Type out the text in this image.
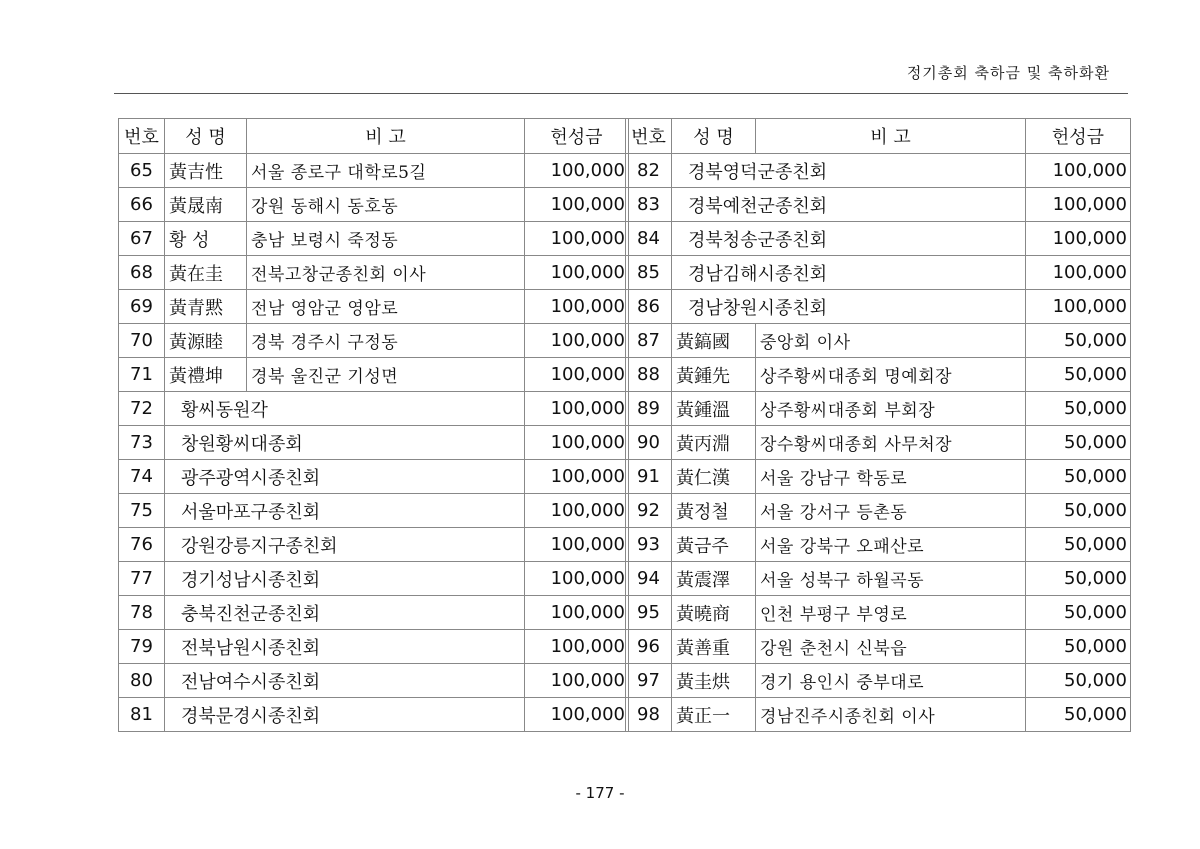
정기총회 축하금 및 축하화환
번호	성 명	비 고	헌성금
65	黃吉性	서울 종로구 대학로5길	100,000
66	黃晟南	강원 동해시 동호동	100,000
67	황 성	충남 보령시 죽정동	100,000
68	黃在圭	전북고창군종친회 이사	100,000
69	黃青黙	전남 영암군 영암로	100,000
70	黃源睦	경북 경주시 구정동	100,000
71	黃禮坤	경북 울진군 기성면	100,000
72	황씨동원각		100,000
73	창원황씨대종회		100,000
74	광주광역시종친회		100,000
75	서울마포구종친회		100,000
76	강원강릉지구종친회		100,000
77	경기성남시종친회		100,000
78	충북진천군종친회		100,000
79	전북남원시종친회		100,000
80	전남여수시종친회		100,000
81	경북문경시종친회		100,000
번호	성 명	비 고	헌성금
82	경북영덕군종친회		100,000
83	경북예천군종친회		100,000
84	경북청송군종친회		100,000
85	경남김해시종친회		100,000
86	경남창원시종친회		100,000
87	黃鎬國	중앙회 이사	50,000
88	黃鍾先	상주황씨대종회 명예회장	50,000
89	黃鍾溫	상주황씨대종회 부회장	50,000
90	黃丙淵	장수황씨대종회 사무처장	50,000
91	黃仁漢	서울 강남구 학동로	50,000
92	黃정철	서울 강서구 등촌동	50,000
93	黃금주	서울 강북구 오패산로	50,000
94	黃震澤	서울 성북구 하월곡동	50,000
95	黃曉商	인천 부평구 부영로	50,000
96	黃善重	강원 춘천시 신북읍	50,000
97	黃圭烘	경기 용인시 중부대로	50,000
98	黃正一	경남진주시종친회 이사	50,000
- 177 -
